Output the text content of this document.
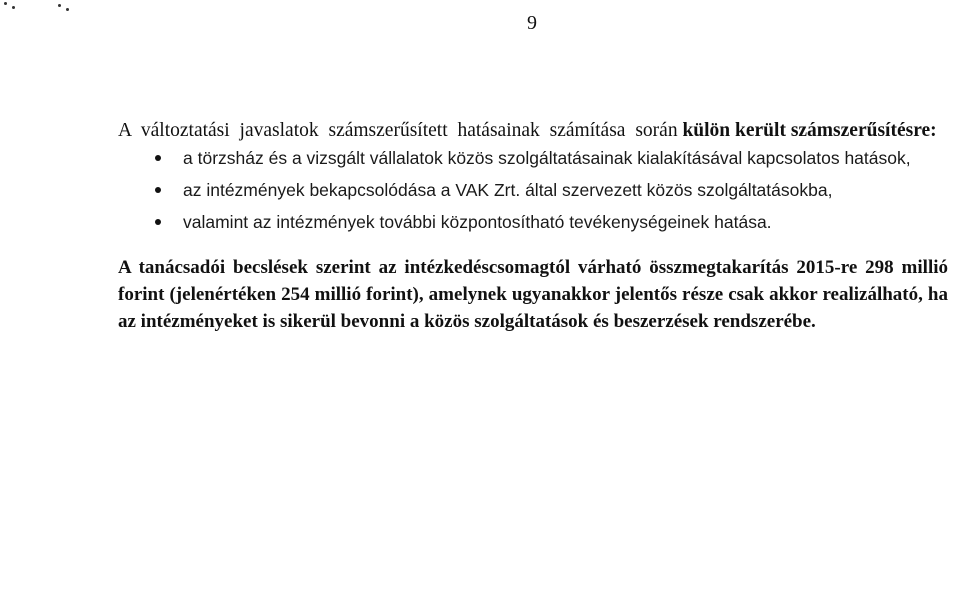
9

A változtatási javaslatok számszerűsített hatásainak számítása során külön került számszerűsítésre:

a törzsház és a vizsgált vállalatok közös szolgáltatásainak kialakításával kapcsolatos hatások,
az intézmények bekapcsolódása a VAK Zrt. által szervezett közös szolgáltatásokba,
valamint az intézmények további központosítható tevékenységeinek hatása.

A tanácsadói becslések szerint az intézkedéscsomagtól várható összmegtakarítás 2015-re 298 millió forint (jelenértéken 254 millió forint), amelynek ugyanakkor jelentős része csak akkor realizálható, ha az intézményeket is sikerül bevonni a közös szolgáltatások és beszerzések rendszerébe.
